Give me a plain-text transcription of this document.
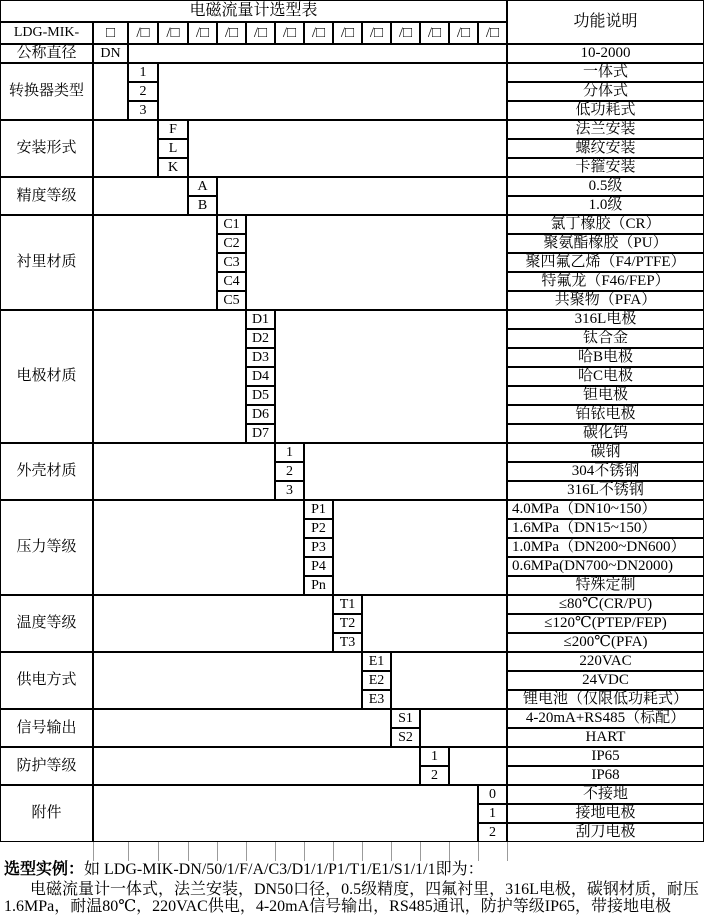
选型实例：如 LDG-MIK-DN/50/1/F/A/C3/D1/1/P1/T1/E1/S1/1/1即为：
电磁流量计一体式，法兰安装，DN50口径，0.5级精度，四氟衬里，316L电极，碳钢材质，耐压
1.6MPa，耐温80℃，220VAC供电，4-20mA信号输出，RS485通讯，防护等级IP65，带接地电极
电磁流量计选型表
功能说明
LDG-MIK-	□	/□	/□	/□	/□	/□	/□	/□	/□	/□	/□	/□	/□	/□
公称直径	DN	10-2000
转换器类型
1	一体式
2	分体式
3	低功耗式
安装形式
F	法兰安装
L	螺纹安装
K	卡箍安装
精度等级
A	0.5级
B	1.0级
衬里材质
C1	氯丁橡胶（CR）
C2	聚氨酯橡胶（PU）
C3	聚四氟乙烯（F4/PTFE）
C4	特氟龙（F46/FEP）
C5	共聚物（PFA）
电极材质
D1	316L电极
D2	钛合金
D3	哈B电极
D4	哈C电极
D5	钽电极
D6	铂铱电极
D7	碳化钨
外壳材质
1	碳钢
2	304不锈钢
3	316L不锈钢
压力等级
P1	4.0MPa（DN10~150）
P2	1.6MPa（DN15~150）
P3	1.0MPa（DN200~DN600）
P4	0.6MPa(DN700~DN2000)
Pn	特殊定制
温度等级
T1	≤80℃(CR/PU)
T2	≤120℃(PTEP/FEP)
T3	≤200℃(PFA)
供电方式
E1	220VAC
E2	24VDC
E3	锂电池（仅限低功耗式）
信号输出
S1	4-20mA+RS485（标配）
S2	HART
防护等级
1	IP65
2	IP68
附件
0	不接地
1	接地电极
2	刮刀电极
